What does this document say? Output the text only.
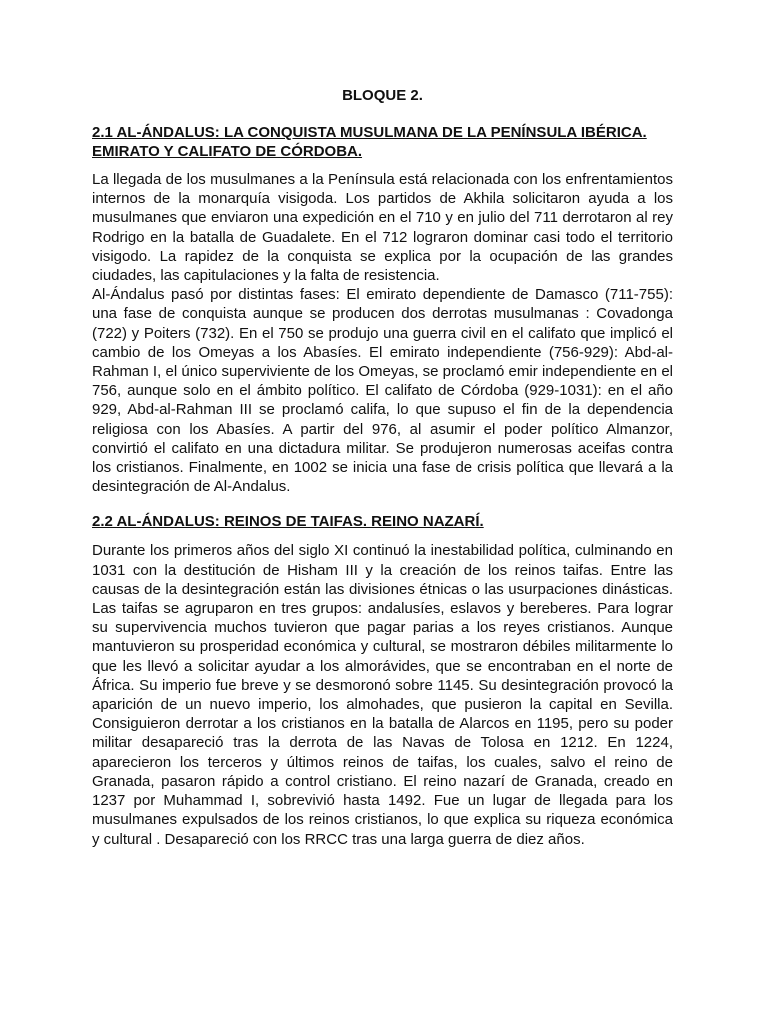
BLOQUE 2.
2.1 AL-ÁNDALUS: LA CONQUISTA MUSULMANA DE LA PENÍNSULA IBÉRICA. EMIRATO Y CALIFATO DE CÓRDOBA.

La llegada de los musulmanes a la Península está relacionada con los enfrentamientos internos de la monarquía visigoda. Los partidos de Akhila solicitaron ayuda a los musulmanes que enviaron una expedición en el 710 y en julio del 711 derrotaron al rey Rodrigo en la batalla de Guadalete. En el 712 lograron dominar casi todo el territorio visigodo. La rapidez de la conquista se explica por la ocupación de las grandes ciudades, las capitulaciones y la falta de resistencia.

Al-Ándalus pasó por distintas fases: El emirato dependiente de Damasco (711-755): una fase de conquista aunque se producen dos derrotas musulmanas : Covadonga (722) y Poiters (732). En el 750 se produjo una guerra civil en el califato que implicó el cambio de los Omeyas a los Abasíes. El emirato independiente (756-929): Abd-al-Rahman I, el único superviviente de los Omeyas, se proclamó emir independiente en el 756, aunque solo en el ámbito político. El califato de Córdoba (929-1031): en el año 929, Abd-al-Rahman III se proclamó califa, lo que supuso el fin de la dependencia religiosa con los Abasíes. A partir del 976, al asumir el poder político Almanzor, convirtió el califato en una dictadura militar. Se produjeron numerosas aceifas contra los cristianos. Finalmente, en 1002 se inicia una fase de crisis política que llevará a la desintegración de Al-Andalus.

2.2 AL-ÁNDALUS: REINOS DE TAIFAS. REINO NAZARÍ.

Durante los primeros años del siglo XI continuó la inestabilidad política, culminando en 1031 con la destitución de Hisham III y la creación de los reinos taifas. Entre las causas de la desintegración están las divisiones étnicas o las usurpaciones dinásticas. Las taifas se agruparon en tres grupos: andalusíes, eslavos y bereberes. Para lograr su supervivencia muchos tuvieron que pagar parias a los reyes cristianos. Aunque mantuvieron su prosperidad económica y cultural, se mostraron débiles militarmente lo que les llevó a solicitar ayudar a los almorávides, que se encontraban en el norte de África. Su imperio fue breve y se desmoronó sobre 1145. Su desintegración provocó la aparición de un nuevo imperio, los almohades, que pusieron la capital en Sevilla. Consiguieron derrotar a los cristianos en la batalla de Alarcos en 1195, pero su poder militar desapareció tras la derrota de las Navas de Tolosa en 1212. En 1224, aparecieron los terceros y últimos reinos de taifas, los cuales, salvo el reino de Granada, pasaron rápido a control cristiano. El reino nazarí de Granada, creado en 1237 por Muhammad I, sobrevivió hasta 1492. Fue un lugar de llegada para los musulmanes expulsados de los reinos cristianos, lo que explica su riqueza económica y cultural . Desapareció con los RRCC tras una larga guerra de diez años.
